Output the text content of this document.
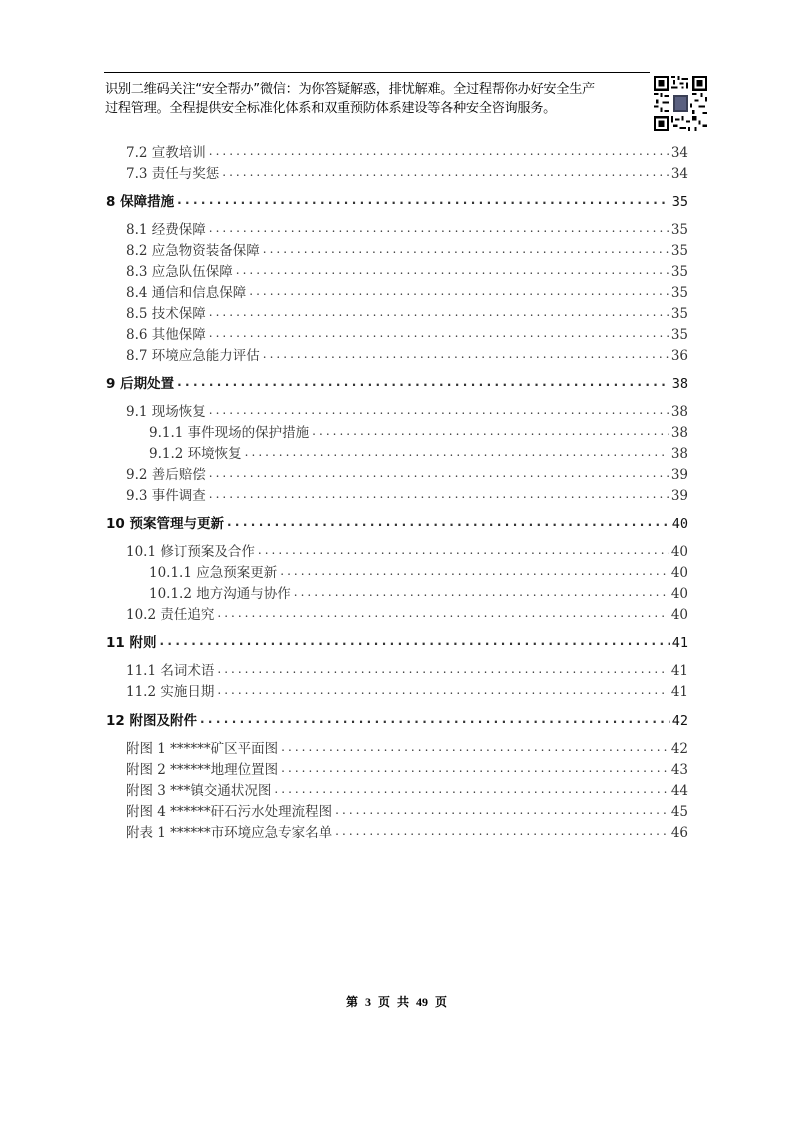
识别二维码关注“安全帮办”微信：为你答疑解惑，排忧解难。全过程帮你办好安全生产
过程管理。全程提供安全标准化体系和双重预防体系建设等各种安全咨询服务。
7.2 宣教培训 . . .	34
7.3 责任与奖惩 . . .	34
8 保障措施 . . .	35
8.1 经费保障 . . .	35
8.2 应急物资装备保障 . . .	35
8.3 应急队伍保障 . . .	35
8.4 通信和信息保障 . . .	35
8.5 技术保障 . . .	35
8.6 其他保障 . . .	35
8.7 环境应急能力评估 . . .	36
9 后期处置 . . .	38
9.1 现场恢复 . . .	38
9.1.1 事件现场的保护措施 . . .	38
9.1.2 环境恢复 . . .	38
9.2 善后赔偿 . . .	39
9.3 事件调查 . . .	39
10 预案管理与更新 . . .	40
10.1 修订预案及合作 . . .	40
10.1.1 应急预案更新 . . .	40
10.1.2 地方沟通与协作 . . .	40
10.2 责任追究 . . .	40
11 附则 . . .	41
11.1 名词术语 . . .	41
11.2 实施日期 . . .	41
12 附图及附件 . . .	42
附图 1 ******矿区平面图 . . .	42
附图 2 ******地理位置图 . . .	43
附图 3 ***镇交通状况图 . . .	44
附图 4 ******矸石污水处理流程图 . . .	45
附表 1 ******市环境应急专家名单 . . .	46
第 3 页 共 49 页
